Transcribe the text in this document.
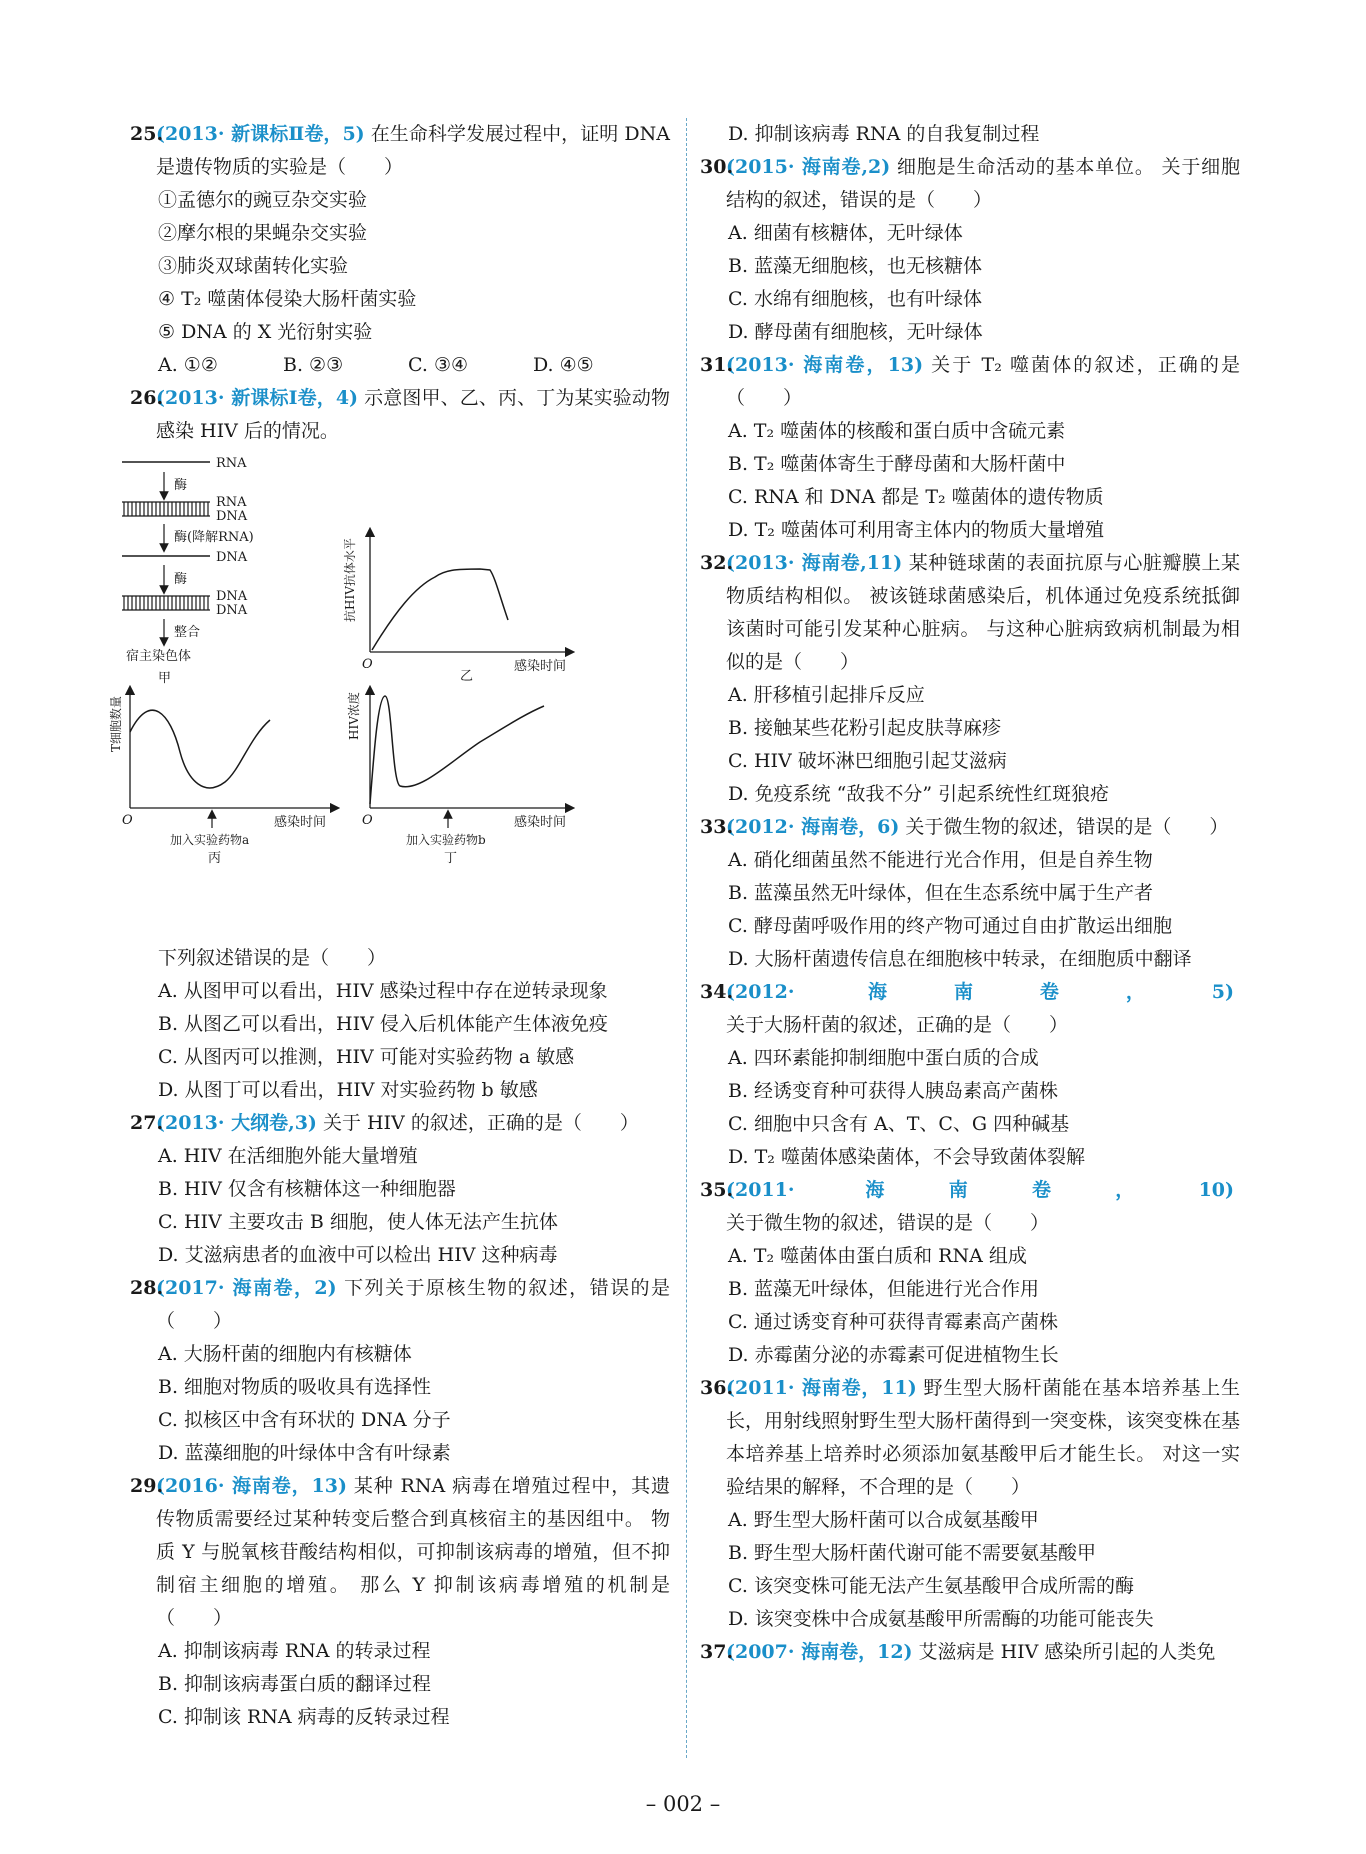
25.
(2013· 新课标Ⅱ卷，5) 在生命科学发展过程中，证明 DNA 是遗传物质的实验是（　　）
①孟德尔的豌豆杂交实验
②摩尔根的果蝇杂交实验
③肺炎双球菌转化实验
④ T₂ 噬菌体侵染大肠杆菌实验
⑤ DNA 的 X 光衍射实验
A. ①②	B. ②③	C. ③④	D. ④⑤
26.
(2013· 新课标Ⅰ卷，4) 示意图甲、乙、丙、丁为某实验动物感染 HIV 后的情况。
RNA
酶
RNA
DNA
酶(降解RNA)
DNA
酶
DNA
DNA
整合
宿主染色体
甲
抗HIV抗体水平
O	感染时间
乙
T细胞数量
O	感染时间
加入实验药物a
丙
HIV浓度
O	感染时间
加入实验药物b
丁
下列叙述错误的是（　　）
A. 从图甲可以看出，HIV 感染过程中存在逆转录现象
B. 从图乙可以看出，HIV 侵入后机体能产生体液免疫
C. 从图丙可以推测，HIV 可能对实验药物 a 敏感
D. 从图丁可以看出，HIV 对实验药物 b 敏感
27.
(2013· 大纲卷,3) 关于 HIV 的叙述，正确的是（　　）
A. HIV 在活细胞外能大量增殖
B. HIV 仅含有核糖体这一种细胞器
C. HIV 主要攻击 B 细胞，使人体无法产生抗体
D. 艾滋病患者的血液中可以检出 HIV 这种病毒
28.
(2017· 海南卷，2) 下列关于原核生物的叙述，错误的是（　　）
A. 大肠杆菌的细胞内有核糖体
B. 细胞对物质的吸收具有选择性
C. 拟核区中含有环状的 DNA 分子
D. 蓝藻细胞的叶绿体中含有叶绿素
29.
(2016· 海南卷，13) 某种 RNA 病毒在增殖过程中，其遗传物质需要经过某种转变后整合到真核宿主的基因组中。 物质 Y 与脱氧核苷酸结构相似，可抑制该病毒的增殖，但不抑制宿主细胞的增殖。 那么 Y 抑制该病毒增殖的机制是（　　）
A. 抑制该病毒 RNA 的转录过程
B. 抑制该病毒蛋白质的翻译过程
C. 抑制该 RNA 病毒的反转录过程
D. 抑制该病毒 RNA 的自我复制过程
30.
(2015· 海南卷,2) 细胞是生命活动的基本单位。 关于细胞结构的叙述，错误的是（　　）
A. 细菌有核糖体，无叶绿体
B. 蓝藻无细胞核，也无核糖体
C. 水绵有细胞核，也有叶绿体
D. 酵母菌有细胞核，无叶绿体
31.
(2013· 海南卷，13) 关于 T₂ 噬菌体的叙述，正确的是（　　）
A. T₂ 噬菌体的核酸和蛋白质中含硫元素
B. T₂ 噬菌体寄生于酵母菌和大肠杆菌中
C. RNA 和 DNA 都是 T₂ 噬菌体的遗传物质
D. T₂ 噬菌体可利用寄主体内的物质大量增殖
32.
(2013· 海南卷,11) 某种链球菌的表面抗原与心脏瓣膜上某物质结构相似。 被该链球菌感染后，机体通过免疫系统抵御该菌时可能引发某种心脏病。 与这种心脏病致病机制最为相似的是（　　）
A. 肝移植引起排斥反应
B. 接触某些花粉引起皮肤荨麻疹
C. HIV 破坏淋巴细胞引起艾滋病
D. 免疫系统 “敌我不分” 引起系统性红斑狼疮
33.
(2012· 海南卷，6) 关于微生物的叙述，错误的是（　　）
A. 硝化细菌虽然不能进行光合作用，但是自养生物
B. 蓝藻虽然无叶绿体，但在生态系统中属于生产者
C. 酵母菌呼吸作用的终产物可通过自由扩散运出细胞
D. 大肠杆菌遗传信息在细胞核中转录，在细胞质中翻译
34.
(2012· 海南卷，5)关于大肠杆菌的叙述，正确的是（　　）
A. 四环素能抑制细胞中蛋白质的合成
B. 经诱变育种可获得人胰岛素高产菌株
C. 细胞中只含有 A、T、C、G 四种碱基
D. T₂ 噬菌体感染菌体，不会导致菌体裂解
35.
(2011· 海南卷，10)关于微生物的叙述，错误的是（　　）
A. T₂ 噬菌体由蛋白质和 RNA 组成
B. 蓝藻无叶绿体，但能进行光合作用
C. 通过诱变育种可获得青霉素高产菌株
D. 赤霉菌分泌的赤霉素可促进植物生长
36.
(2011· 海南卷，11) 野生型大肠杆菌能在基本培养基上生长，用射线照射野生型大肠杆菌得到一突变株，该突变株在基本培养基上培养时必须添加氨基酸甲后才能生长。 对这一实验结果的解释，不合理的是（　　）
A. 野生型大肠杆菌可以合成氨基酸甲
B. 野生型大肠杆菌代谢可能不需要氨基酸甲
C. 该突变株可能无法产生氨基酸甲合成所需的酶
D. 该突变株中合成氨基酸甲所需酶的功能可能丧失
37.
(2007· 海南卷，12) 艾滋病是 HIV 感染所引起的人类免
– 002 –
